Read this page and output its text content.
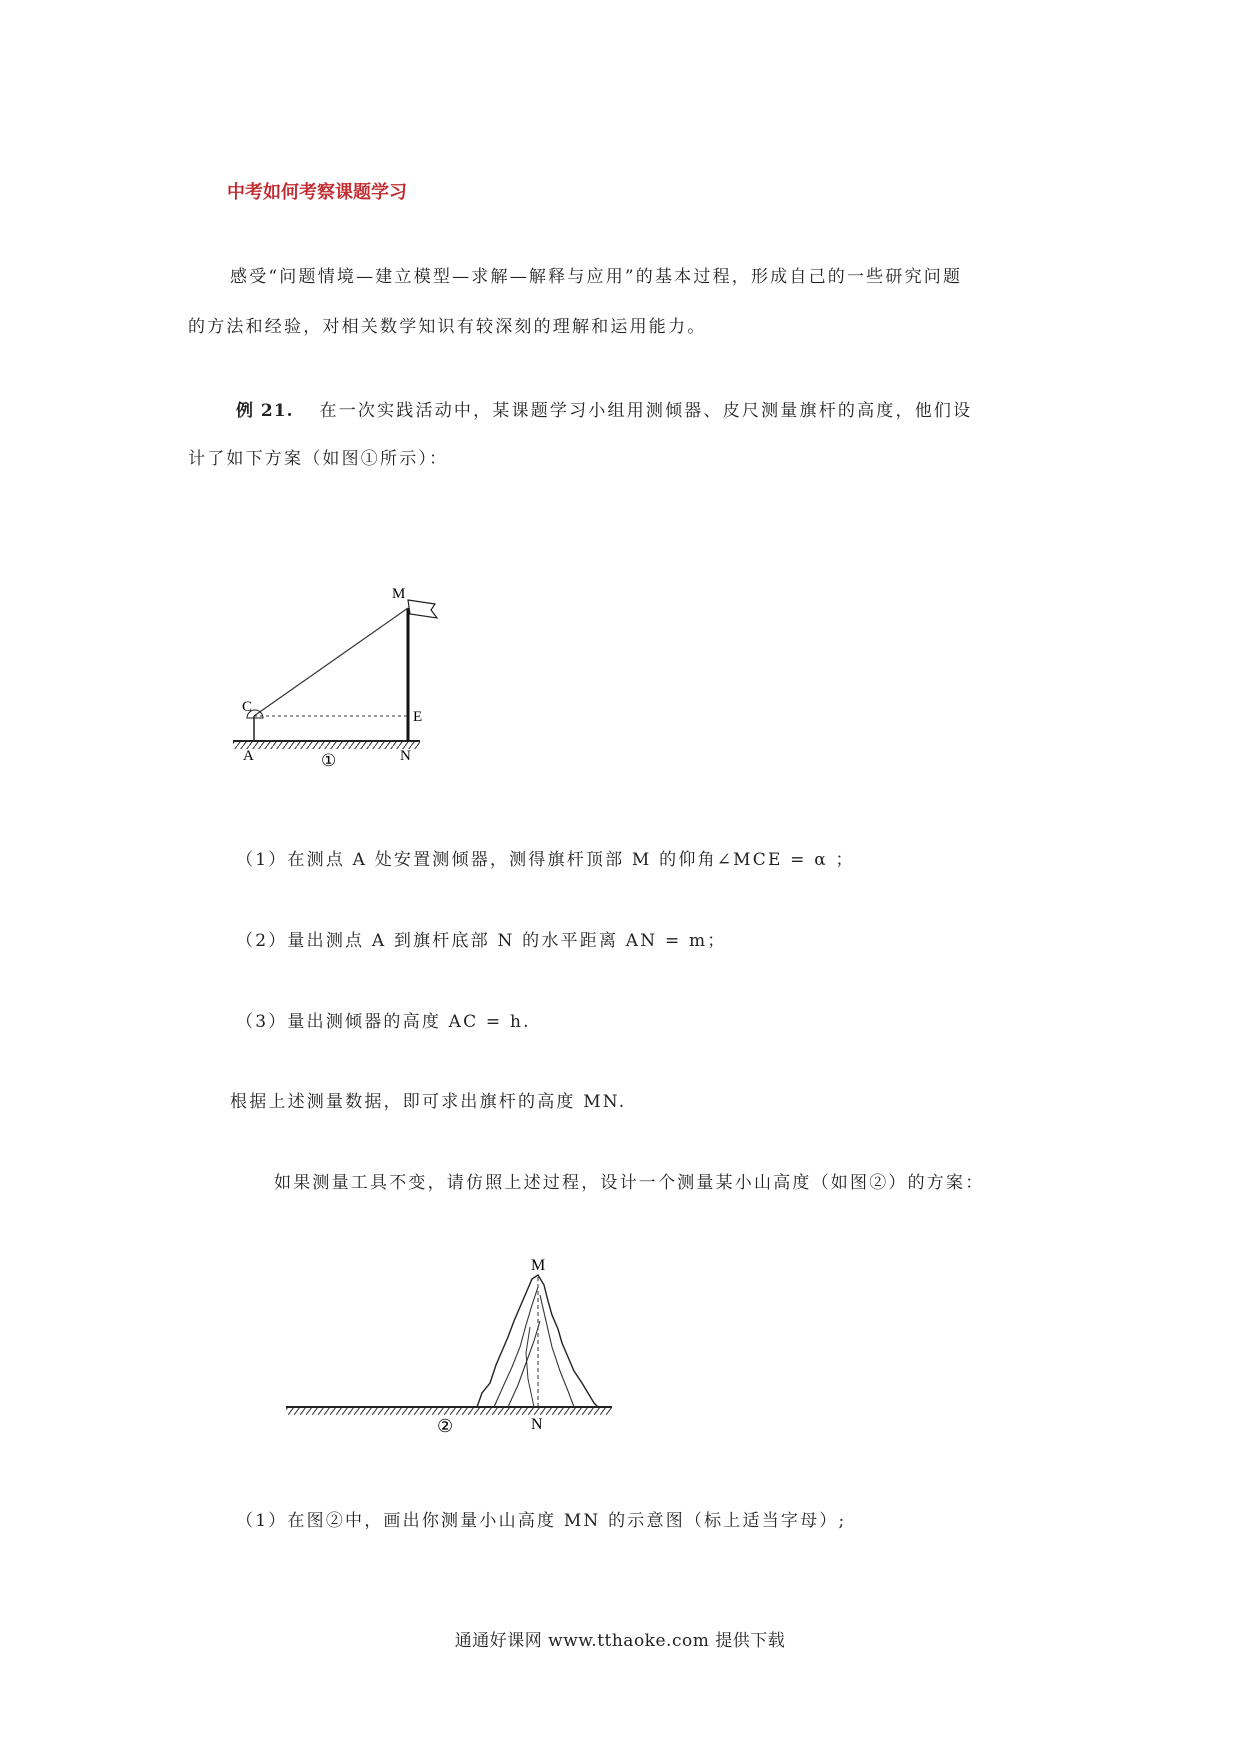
中考如何考察课题学习
感受“问题情境—建立模型—求解—解释与应用”的基本过程，形成自己的一些研究问题
的方法和经验，对相关数学知识有较深刻的理解和运用能力。
例 21. 在一次实践活动中，某课题学习小组用测倾器、皮尺测量旗杆的高度，他们设
计了如下方案（如图①所示）：
M
C
E
A	N
①
（1）在测点 A 处安置测倾器，测得旗杆顶部 M 的仰角∠MCE = α ；
（2）量出测点 A 到旗杆底部 N 的水平距离 AN = m；
（3）量出测倾器的高度 AC = h.
根据上述测量数据，即可求出旗杆的高度 MN.
如果测量工具不变，请仿照上述过程，设计一个测量某小山高度（如图②）的方案：
M
N
②
（1）在图②中，画出你测量小山高度 MN 的示意图（标上适当字母）;
通通好课网 www.tthaoke.com 提供下载
